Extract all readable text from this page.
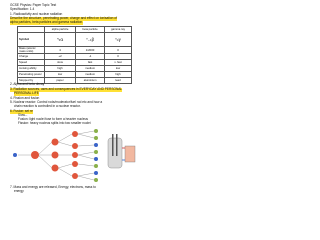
GCSE Physics: Paper Topic Test
Specification: 1.4
1. Radioactivity and nuclear radiation
Describe the structure, penetrating power, charge and effect on ionisation of
alpha particles, beta particles and gamma radiation.
	alpha particle	beta particle	gamma ray
Symbol	⁴₂α	⁰₋₁β	⁰₀γ
Mass (atomic mass units)	4	1/2000	0
Charge	+2	-1	0
Speed	slow	fast	v. fast
Ionising ability	high	medium	low
Penetrating power	low	medium	high
Stopped by	paper	aluminium	lead
2. Alpha and beta decay
3. Radiation sources, uses and consequences in EVERYDAY AND PERSONAL
PERSONAL LIFE
4. Fission and fusion
5. Nuclear reactor: Control rods/moderator/fuel rod etc and how a
chain reaction is controlled in a nuclear reactor.
6. Fusion: set re
Slow...
Fusion: light nuclei fuse to form a heavier nucleus
Fission: heavy nucleus splits into two smaller nuclei
7. Mass and energy are released, Energy, electrons, mass to
energy
